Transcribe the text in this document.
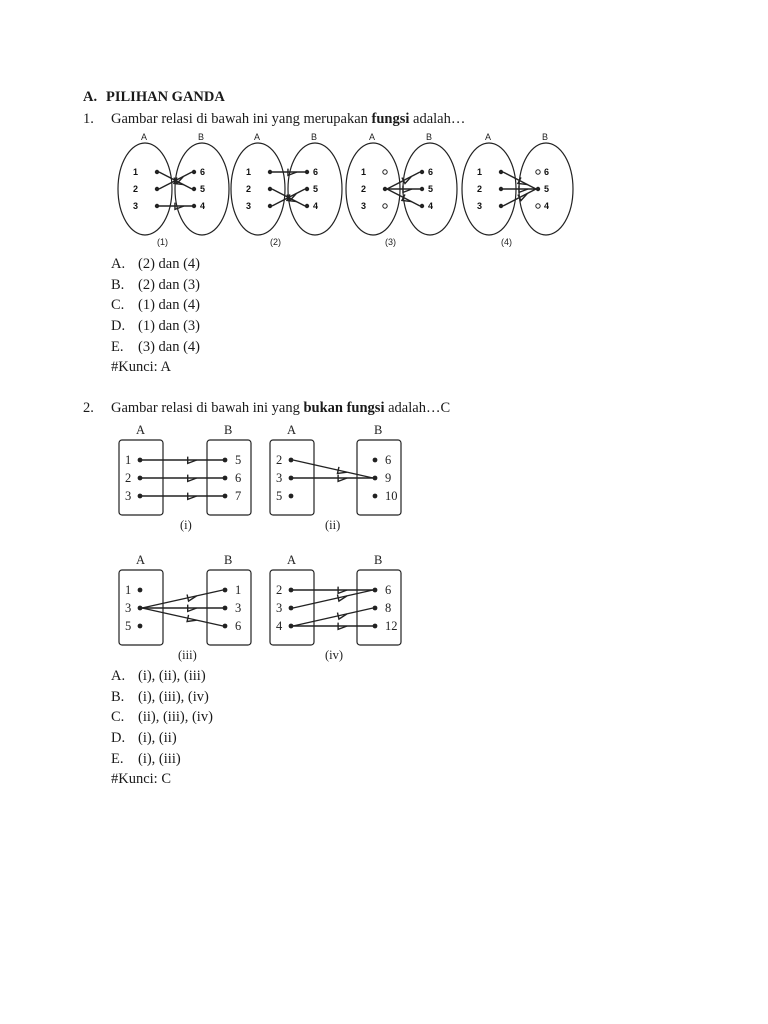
A. PILIHAN GANDA
1. Gambar relasi di bawah ini yang merupakan fungsi adalah…
A	B
1
2
3
6
5
4
(1)
A	B
1
2
3
6
5
4
(2)
A	B
1
2
3
6
5
4
(3)
A	B
1
2
3
6
5
4
(4)
A. (2) dan (4)
B. (2) dan (3)
C. (1) dan (4)
D. (1) dan (3)
E. (3) dan (4)
#Kunci: A
2. Gambar relasi di bawah ini yang bukan fungsi adalah…C
A	B
1
2
3
5
6
7
(i)
A	B
2
3
5
6
9
10
(ii)
A	B
1
3
5
1
3
6
(iii)
A	B
2
3
4
6
8
12
(iv)
A. (i), (ii), (iii)
B. (i), (iii), (iv)
C. (ii), (iii), (iv)
D. (i), (ii)
E. (i), (iii)
#Kunci: C
